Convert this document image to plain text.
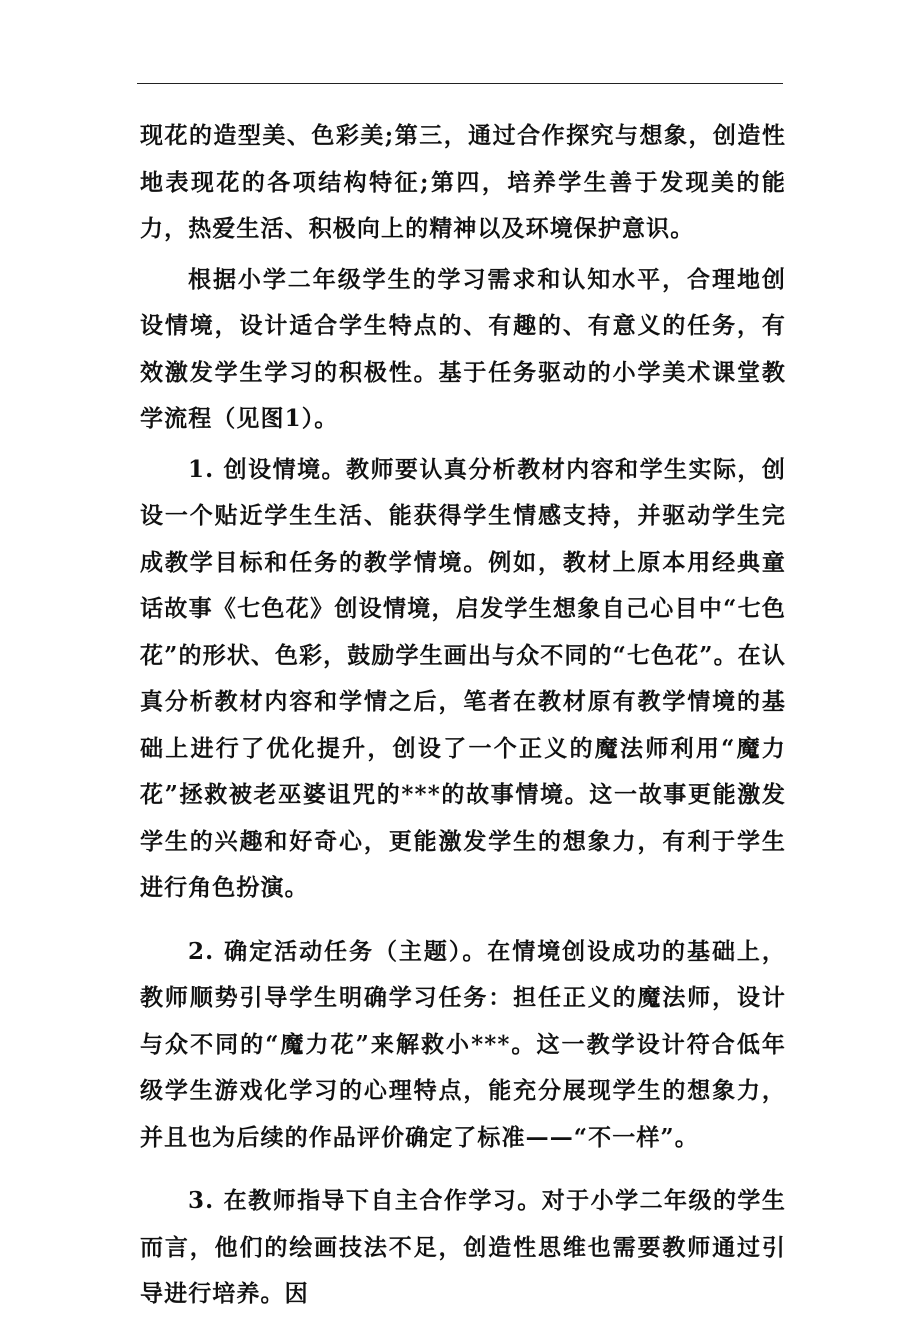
现花的造型美、色彩美;第三，通过合作探究与想象，创造性地表现花的各项结构特征;第四，培养学生善于发现美的能力，热爱生活、积极向上的精神以及环境保护意识。

根据小学二年级学生的学习需求和认知水平，合理地创设情境，设计适合学生特点的、有趣的、有意义的任务，有效激发学生学习的积极性。基于任务驱动的小学美术课堂教学流程（见图1）。

1. 创设情境。教师要认真分析教材内容和学生实际，创设一个贴近学生生活、能获得学生情感支持，并驱动学生完成教学目标和任务的教学情境。例如，教材上原本用经典童话故事《七色花》创设情境，启发学生想象自己心目中“七色花”的形状、色彩，鼓励学生画出与众不同的“七色花”。在认真分析教材内容和学情之后，笔者在教材原有教学情境的基础上进行了优化提升，创设了一个正义的魔法师利用“魔力花”拯救被老巫婆诅咒的***的故事情境。这一故事更能激发学生的兴趣和好奇心，更能激发学生的想象力，有利于学生进行角色扮演。

2. 确定活动任务（主题）。在情境创设成功的基础上，教师顺势引导学生明确学习任务：担任正义的魔法师，设计与众不同的“魔力花”来解救小***。这一教学设计符合低年级学生游戏化学习的心理特点，能充分展现学生的想象力，并且也为后续的作品评价确定了标准——“不一样”。

3. 在教师指导下自主合作学习。对于小学二年级的学生而言，他们的绘画技法不足，创造性思维也需要教师通过引导进行培养。因
